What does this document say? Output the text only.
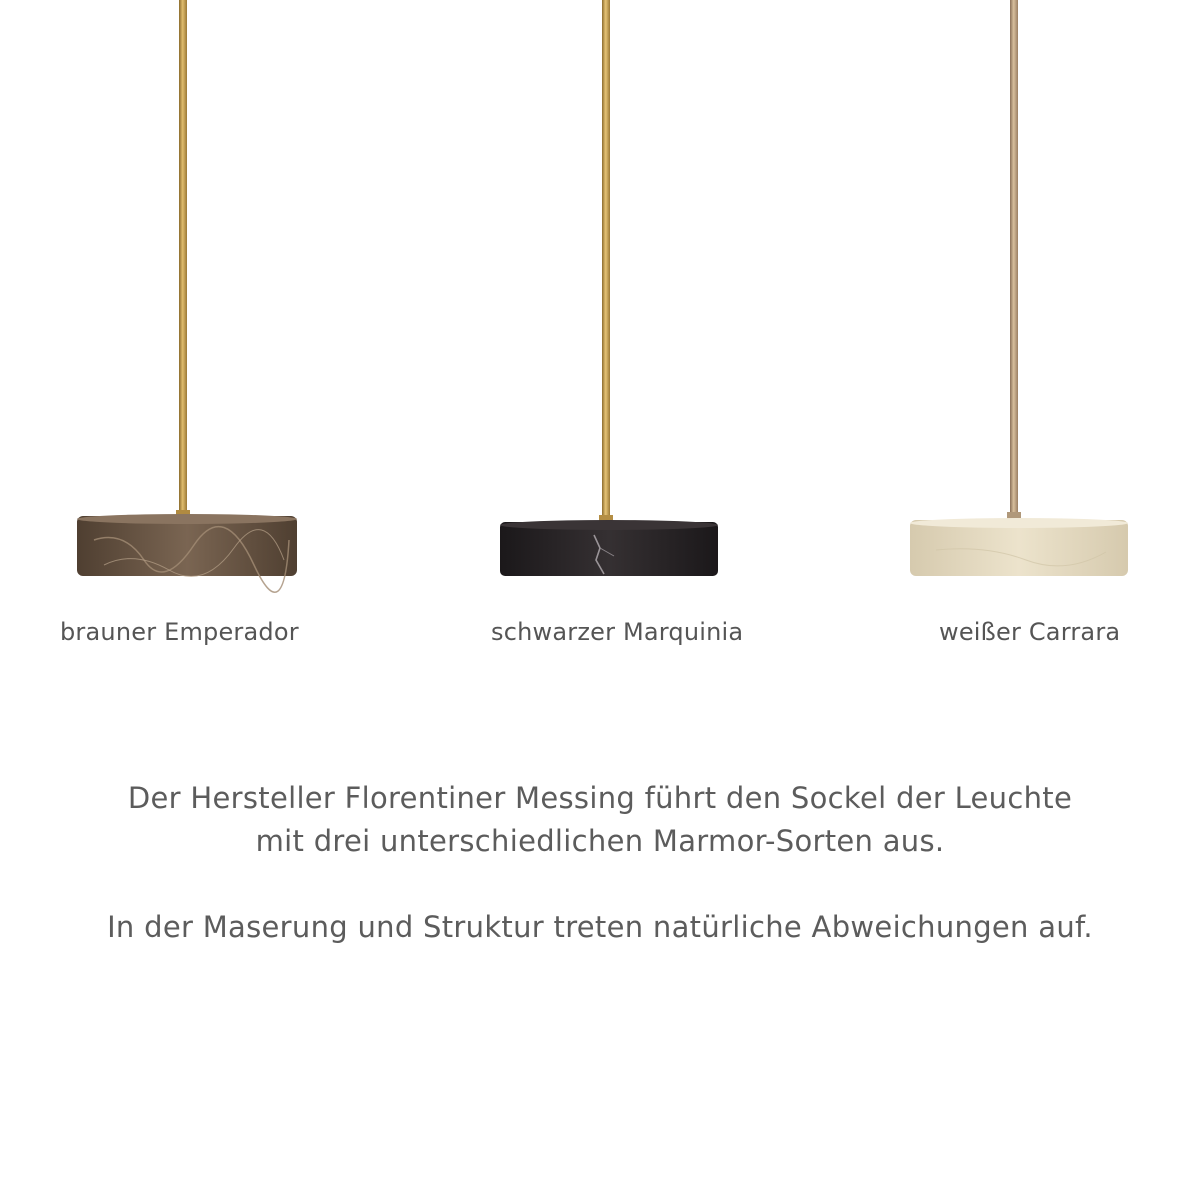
brauner Emperador	schwarzer Marquinia	weißer Carrara

Der Hersteller Florentiner Messing führt den Sockel der Leuchte

mit drei unterschiedlichen Marmor-Sorten aus.

In der Maserung und Struktur treten natürliche Abweichungen auf.
